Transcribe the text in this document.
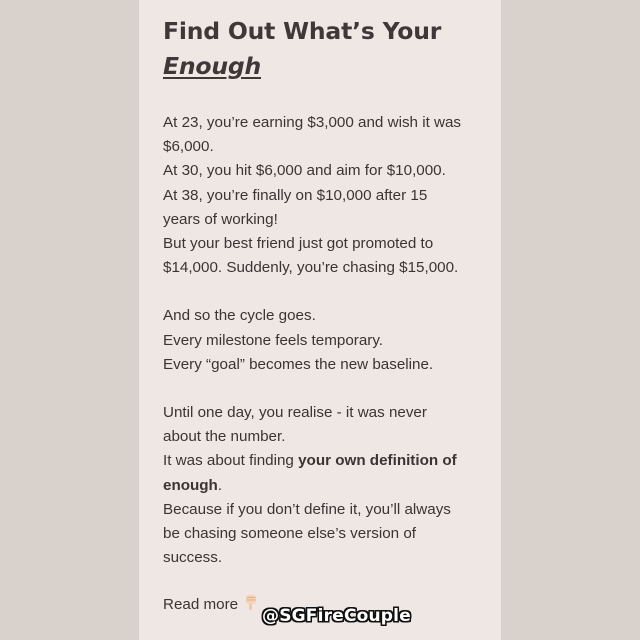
Find Out What’s Your
Enough
At 23, you’re earning $3,000 and wish it was
$6,000.
At 30, you hit $6,000 and aim for $10,000.
At 38, you’re finally on $10,000 after 15
years of working!
But your best friend just got promoted to
$14,000. Suddenly, you’re chasing $15,000.
And so the cycle goes.
Every milestone feels temporary.
Every “goal” becomes the new baseline.
Until one day, you realise - it was never
about the number.
It was about finding your own definition of
enough.
Because if you don’t define it, you’ll always
be chasing someone else’s version of
success.
Read more
@SGFireCouple
